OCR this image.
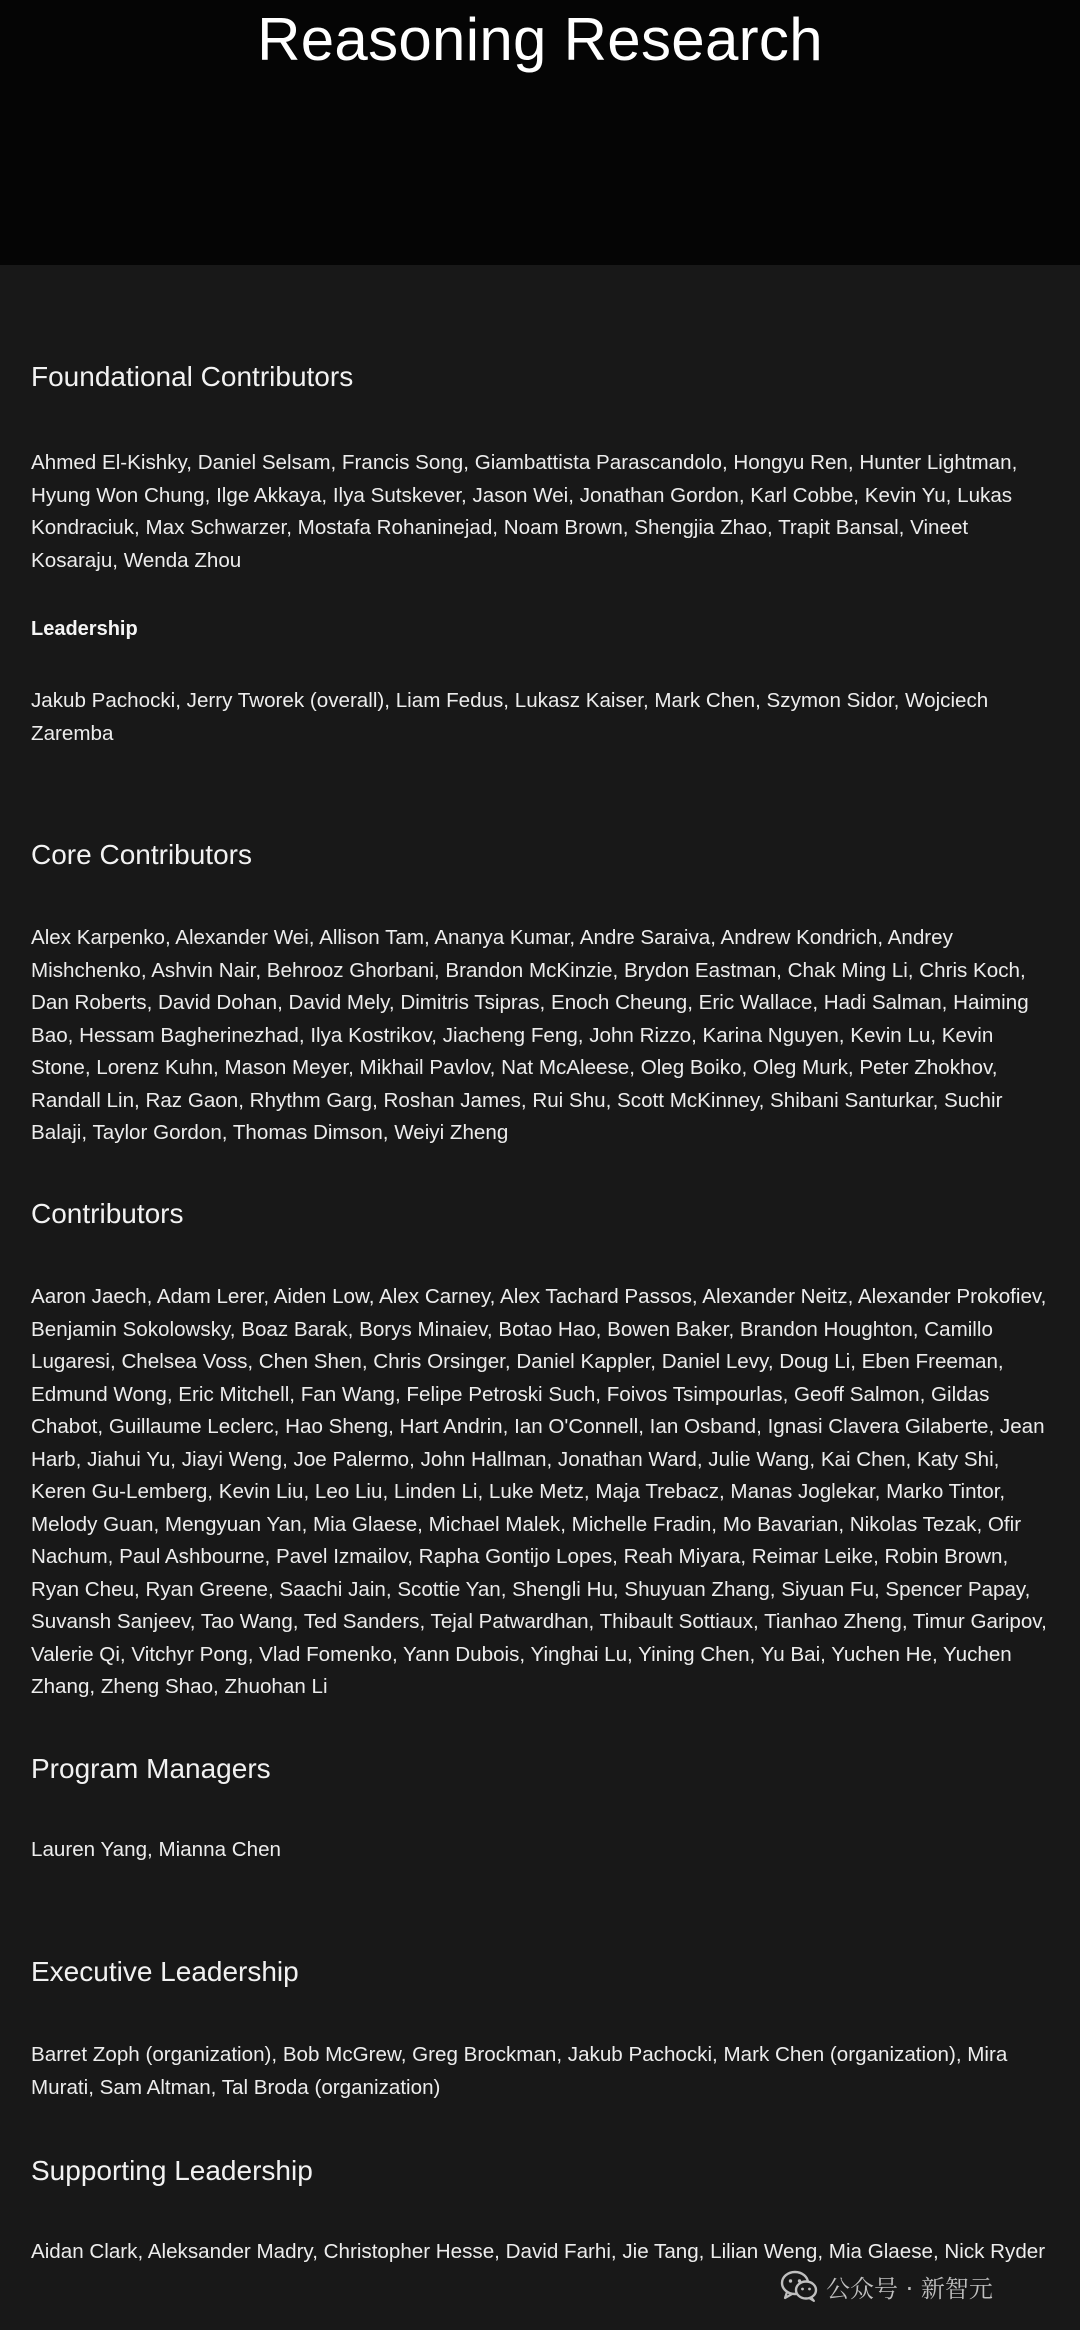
Reasoning Research
Foundational Contributors

Ahmed El-Kishky, Daniel Selsam, Francis Song, Giambattista Parascandolo, Hongyu Ren, Hunter Lightman, Hyung Won Chung, Ilge Akkaya, Ilya Sutskever, Jason Wei, Jonathan Gordon, Karl Cobbe, Kevin Yu, Lukas Kondraciuk, Max Schwarzer, Mostafa Rohaninejad, Noam Brown, Shengjia Zhao, Trapit Bansal, Vineet Kosaraju, Wenda Zhou

Leadership

Jakub Pachocki, Jerry Tworek (overall), Liam Fedus, Lukasz Kaiser, Mark Chen, Szymon Sidor, Wojciech Zaremba

Core Contributors

Alex Karpenko, Alexander Wei, Allison Tam, Ananya Kumar, Andre Saraiva, Andrew Kondrich, Andrey Mishchenko, Ashvin Nair, Behrooz Ghorbani, Brandon McKinzie, Brydon Eastman, Chak Ming Li, Chris Koch, Dan Roberts, David Dohan, David Mely, Dimitris Tsipras, Enoch Cheung, Eric Wallace, Hadi Salman, Haiming Bao, Hessam Bagherinezhad, Ilya Kostrikov, Jiacheng Feng, John Rizzo, Karina Nguyen, Kevin Lu, Kevin Stone, Lorenz Kuhn, Mason Meyer, Mikhail Pavlov, Nat McAleese, Oleg Boiko, Oleg Murk, Peter Zhokhov, Randall Lin, Raz Gaon, Rhythm Garg, Roshan James, Rui Shu, Scott McKinney, Shibani Santurkar, Suchir Balaji, Taylor Gordon, Thomas Dimson, Weiyi Zheng

Contributors

Aaron Jaech, Adam Lerer, Aiden Low, Alex Carney, Alex Tachard Passos, Alexander Neitz, Alexander Prokofiev, Benjamin Sokolowsky, Boaz Barak, Borys Minaiev, Botao Hao, Bowen Baker, Brandon Houghton, Camillo Lugaresi, Chelsea Voss, Chen Shen, Chris Orsinger, Daniel Kappler, Daniel Levy, Doug Li, Eben Freeman, Edmund Wong, Eric Mitchell, Fan Wang, Felipe Petroski Such, Foivos Tsimpourlas, Geoff Salmon, Gildas Chabot, Guillaume Leclerc, Hao Sheng, Hart Andrin, Ian O'Connell, Ian Osband, Ignasi Clavera Gilaberte, Jean Harb, Jiahui Yu, Jiayi Weng, Joe Palermo, John Hallman, Jonathan Ward, Julie Wang, Kai Chen, Katy Shi, Keren Gu-Lemberg, Kevin Liu, Leo Liu, Linden Li, Luke Metz, Maja Trebacz, Manas Joglekar, Marko Tintor, Melody Guan, Mengyuan Yan, Mia Glaese, Michael Malek, Michelle Fradin, Mo Bavarian, Nikolas Tezak, Ofir Nachum, Paul Ashbourne, Pavel Izmailov, Rapha Gontijo Lopes, Reah Miyara, Reimar Leike, Robin Brown, Ryan Cheu, Ryan Greene, Saachi Jain, Scottie Yan, Shengli Hu, Shuyuan Zhang, Siyuan Fu, Spencer Papay, Suvansh Sanjeev, Tao Wang, Ted Sanders, Tejal Patwardhan, Thibault Sottiaux, Tianhao Zheng, Timur Garipov, Valerie Qi, Vitchyr Pong, Vlad Fomenko, Yann Dubois, Yinghai Lu, Yining Chen, Yu Bai, Yuchen He, Yuchen Zhang, Zheng Shao, Zhuohan Li

Program Managers

Lauren Yang, Mianna Chen

Executive Leadership

Barret Zoph (organization), Bob McGrew, Greg Brockman, Jakub Pachocki, Mark Chen (organization), Mira Murati, Sam Altman, Tal Broda (organization)

Supporting Leadership

Aidan Clark, Aleksander Madry, Christopher Hesse, David Farhi, Jie Tang, Lilian Weng, Mia Glaese, Nick Ryder

公众号 · 新智元
